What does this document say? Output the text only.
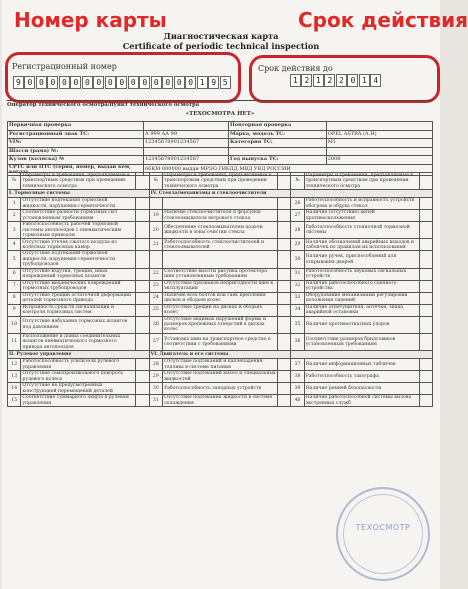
Номер карты	Срок действия
Диагностическая карта
Certificate of periodic technical inspection
Регистрационный номер
9 0 0 0 0 0 0 0 0 0 0 0 0 0 0 0 1 9 5
Срок действия до
1 2 1 2 2 0 1 4
Оператор технического осмотра/пункт технического осмотра
«ТЕХОСМОТРА НЕТ»
Первичная проверка		Повторная проверка	
Регистрационный знак ТС:	А 999 АА 99	Марка, модель ТС:	OPEL ASTRA (A.H)
VIN:	12345678901234567	Категория ТС:	M1
Шасси (рама) №:			
Кузов (коляска) №	12345678901234567	Год выпуска ТС:	2008
СРТС или ПТС (серия, номер, выдан кем, когда)	66КМ 000000 выдан МРЭО ГИБДД МВД УВД РОССИИ		
№	Параметры и требования, предъявляемые к транспортным средствам при проведении технического осмотра		№	Параметры и требования, предъявляемые к транспортным средствам при проведении технического осмотра		№	Параметры и требования, предъявляемые к транспортным средствам при проведении технического осмотра	
I. Тормозные системы			IV. Стекла/механизмы и стеклоочистители					
1	Отсутствие подтекания тормозной жидкости, нарушения герметичности					26	Работоспособность и исправность устройств обогрева и обдува стекол	
2	Соответствие разности тормозных сил установленным требованиям		19	Наличие стеклоочистителя и форсунок стеклоомывателя ветрового стекла		27	Наличие (отсутствие) цепей противоскольжения	
3	Работоспособность рабочей тормозной системы автопоездов с пневматическим тормозным приводом		20	Обеспечение стеклоомывателем подачи жидкости в зоны очистки стекла		28	Работоспособность стояночной тормозной системы	
4	Отсутствие утечек сжатого воздуха из колесных тормозных камер		21	Работоспособность стеклоочистителей и стеклоомывателей		29	Наличие обозначений аварийных выходов и табличек по правилам их использования	
5	Отсутствие подтеканий тормозной жидкости, нарушения герметичности трубопроводов					30	Наличие ручек, приспособлений для открывания дверей	
6	Отсутствие вздутия, трещин, иных повреждений тормозных шлангов		22	Соответствие высоты рисунка протектора шин установленным требованиям		31	Работоспособность звуковых сигнальных устройств	
7	Отсутствие механических повреждений тормозных трубопроводов		23	Отсутствие признаков непригодности шин к эксплуатации		32	Наличие работоспособного сцепного устройства	
8	Отсутствие трещин остаточной деформации деталей тормозного привода		24	Наличие всех болтов или гаек крепления дисков и ободьев колес		33	Оборудование механизмами регулировки положения сидений	
9	Исправность средств сигнализации и контроля тормозных систем		25	Отсутствие трещин на дисках и ободьях колес		34	Наличие огнетушителя, аптечки, знака аварийной остановки	
10	Отсутствие набухания тормозных шлангов под давлением		26	Отсутствие видимых нарушений формы и размеров крепежных отверстий в дисках колес		35	Наличие противооткатных упоров	
11	Расположение и длина соединительных шлангов пневматического тормозного привода автопоездов		27	Установка шин на транспортное средство в соответствии с требованиями		36	Соответствие размеров брызговиков установленным требованиям	
II. Рулевое управление			VI. Двигатель и его системы					
12	Работоспособность усилителя рулевого управления		28	Отсутствие подтеканий и каплепадения топлива в системе питания		37	Наличие информационных табличек	
13	Отсутствие самопроизвольного поворота рулевого колеса		29	Отсутствие подтеканий масел и специальных жидкостей		38	Работоспособность тахографа	
14	Отсутствие не предусмотренных конструкцией перемещений деталей		30	Работоспособность запорных устройств		39	Наличие ремней безопасности	
15	Соответствие суммарного люфта в рулевом управлении		31	Отсутствие подтекания жидкости в системе охлаждения		40	Наличие работоспособной системы вызова экстренных служб	
ТЕХОСМОТР
